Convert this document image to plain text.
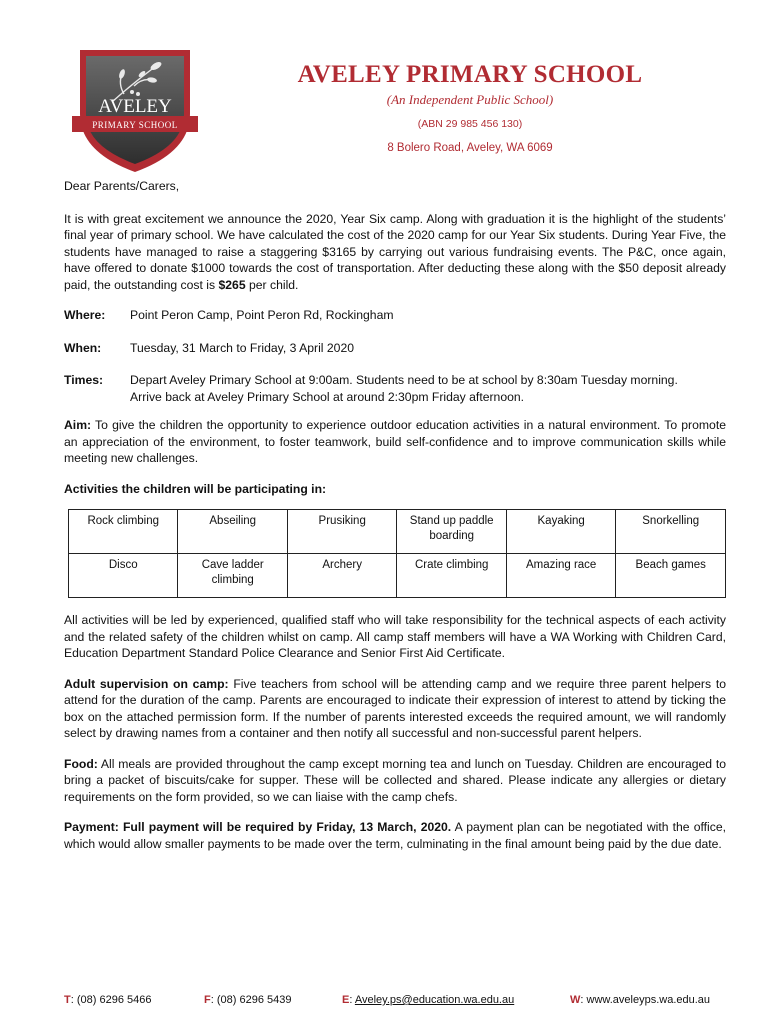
AVELEY
PRIMARY SCHOOL
AVELEY PRIMARY SCHOOL
(An Independent Public School)
(ABN 29 985 456 130)
8 Bolero Road, Aveley, WA 6069
Dear Parents/Carers,

It is with great excitement we announce the 2020, Year Six camp. Along with graduation it is the highlight of the students’ final year of primary school. We have calculated the cost of the 2020 camp for our Year Six students. During Year Five, the students have managed to raise a staggering $3165 by carrying out various fundraising events. The P&C, once again, have offered to donate $1000 towards the cost of transportation. After deducting these along with the $50 deposit already paid, the outstanding cost is $265 per child.

Where:	Point Peron Camp, Point Peron Rd, Rockingham
When:	Tuesday, 31 March to Friday, 3 April 2020
Times:	Depart Aveley Primary School at 9:00am. Students need to be at school by 8:30am Tuesday morning.
Arrive back at Aveley Primary School at around 2:30pm Friday afternoon.

Aim: To give the children the opportunity to experience outdoor education activities in a natural environment. To promote an appreciation of the environment, to foster teamwork, build self-confidence and to improve communication skills while meeting new challenges.

Activities the children will be participating in:
Rock climbing	Abseiling	Prusiking	Stand up paddle boarding	Kayaking	Snorkelling
Disco	Cave ladder climbing	Archery	Crate climbing	Amazing race	Beach games

All activities will be led by experienced, qualified staff who will take responsibility for the technical aspects of each activity and the related safety of the children whilst on camp. All camp staff members will have a WA Working with Children Card, Education Department Standard Police Clearance and Senior First Aid Certificate.

Adult supervision on camp: Five teachers from school will be attending camp and we require three parent helpers to attend for the duration of the camp. Parents are encouraged to indicate their expression of interest to attend by ticking the box on the attached permission form. If the number of parents interested exceeds the required amount, we will randomly select by drawing names from a container and then notify all successful and non-successful parent helpers.

Food: All meals are provided throughout the camp except morning tea and lunch on Tuesday. Children are encouraged to bring a packet of biscuits/cake for supper. These will be collected and shared. Please indicate any allergies or dietary requirements on the form provided, so we can liaise with the camp chefs.

Payment: Full payment will be required by Friday, 13 March, 2020. A payment plan can be negotiated with the office, which would allow smaller payments to be made over the term, culminating in the final amount being paid by the due date.

T: (08) 6296 5466	F: (08) 6296 5439	E: Aveley.ps@education.wa.edu.au	W: www.aveleyps.wa.edu.au
